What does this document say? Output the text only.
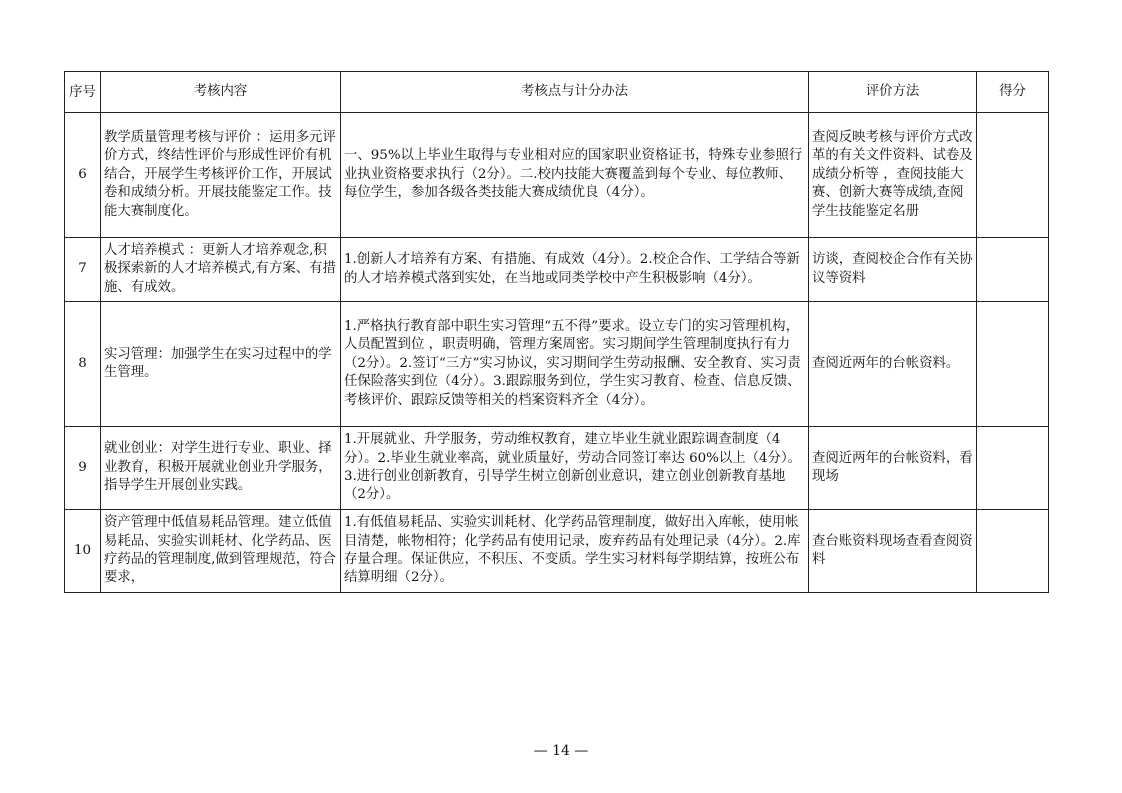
序号	考核内容	考核点与计分办法	评价方法	得分
6	教学质量管理考核与评价 ：运用多元评价方式，终结性评价与形成性评价有机结合，开展学生考核评价工作，开展试卷和成绩分析。开展技能鉴定工作。技能大赛制度化。	一、95%以上毕业生取得与专业相对应的国家职业资格证书，特殊专业参照行业执业资格要求执行（2分）。二.校内技能大赛覆盖到每个专业、每位教师、每位学生，参加各级各类技能大赛成绩优良（4分）。	查阅反映考核与评价方式改革的有关文件资料、试卷及成绩分析等 ，查阅技能大赛、创新大赛等成绩,查阅学生技能鉴定名册	
7	人才培养模式 ：更新人才培养观念,积极探索新的人才培养模式,有方案、有措施、有成效。	1.创新人才培养有方案、有措施、有成效（4分）。2.校企合作、工学结合等新的人才培养模式落到实处，在当地或同类学校中产生积极影响（4分）。	访谈，查阅校企合作有关协议等资料	
8	实习管理：加强学生在实习过程中的学生管理。	1.严格执行教育部中职生实习管理“五不得”要求。设立专门的实习管理机构，人员配置到位 ，职责明确，管理方案周密。实习期间学生管理制度执行有力（2分）。2.签订“三方”实习协议，实习期间学生劳动报酬、安全教育、实习责任保险落实到位（4分）。3.跟踪服务到位，学生实习教育、检查、信息反馈、考核评价、跟踪反馈等相关的档案资料齐全（4分）。	查阅近两年的台帐资料。	
9	就业创业：对学生进行专业、职业、择业教育，积极开展就业创业升学服务，指导学生开展创业实践。	1.开展就业、升学服务，劳动维权教育，建立毕业生就业跟踪调查制度（4分）。2.毕业生就业率高，就业质量好，劳动合同签订率达 60%以上（4分）。3.进行创业创新教育，引导学生树立创新创业意识，建立创业创新教育基地（2分）。	查阅近两年的台帐资料，看现场	
10	资产管理中低值易耗品管理。建立低值易耗品、实验实训耗材、化学药品、医疗药品的管理制度,做到管理规范，符合要求，	1.有低值易耗品、实验实训耗材、化学药品管理制度，做好出入库帐，使用帐目清楚，帐物相符；化学药品有使用记录，废弃药品有处理记录（4分）。2.库存量合理。保证供应，不积压、不变质。学生实习材料每学期结算，按班公布结算明细（2分）。	查台账资料现场查看查阅资料	
— 14 —
